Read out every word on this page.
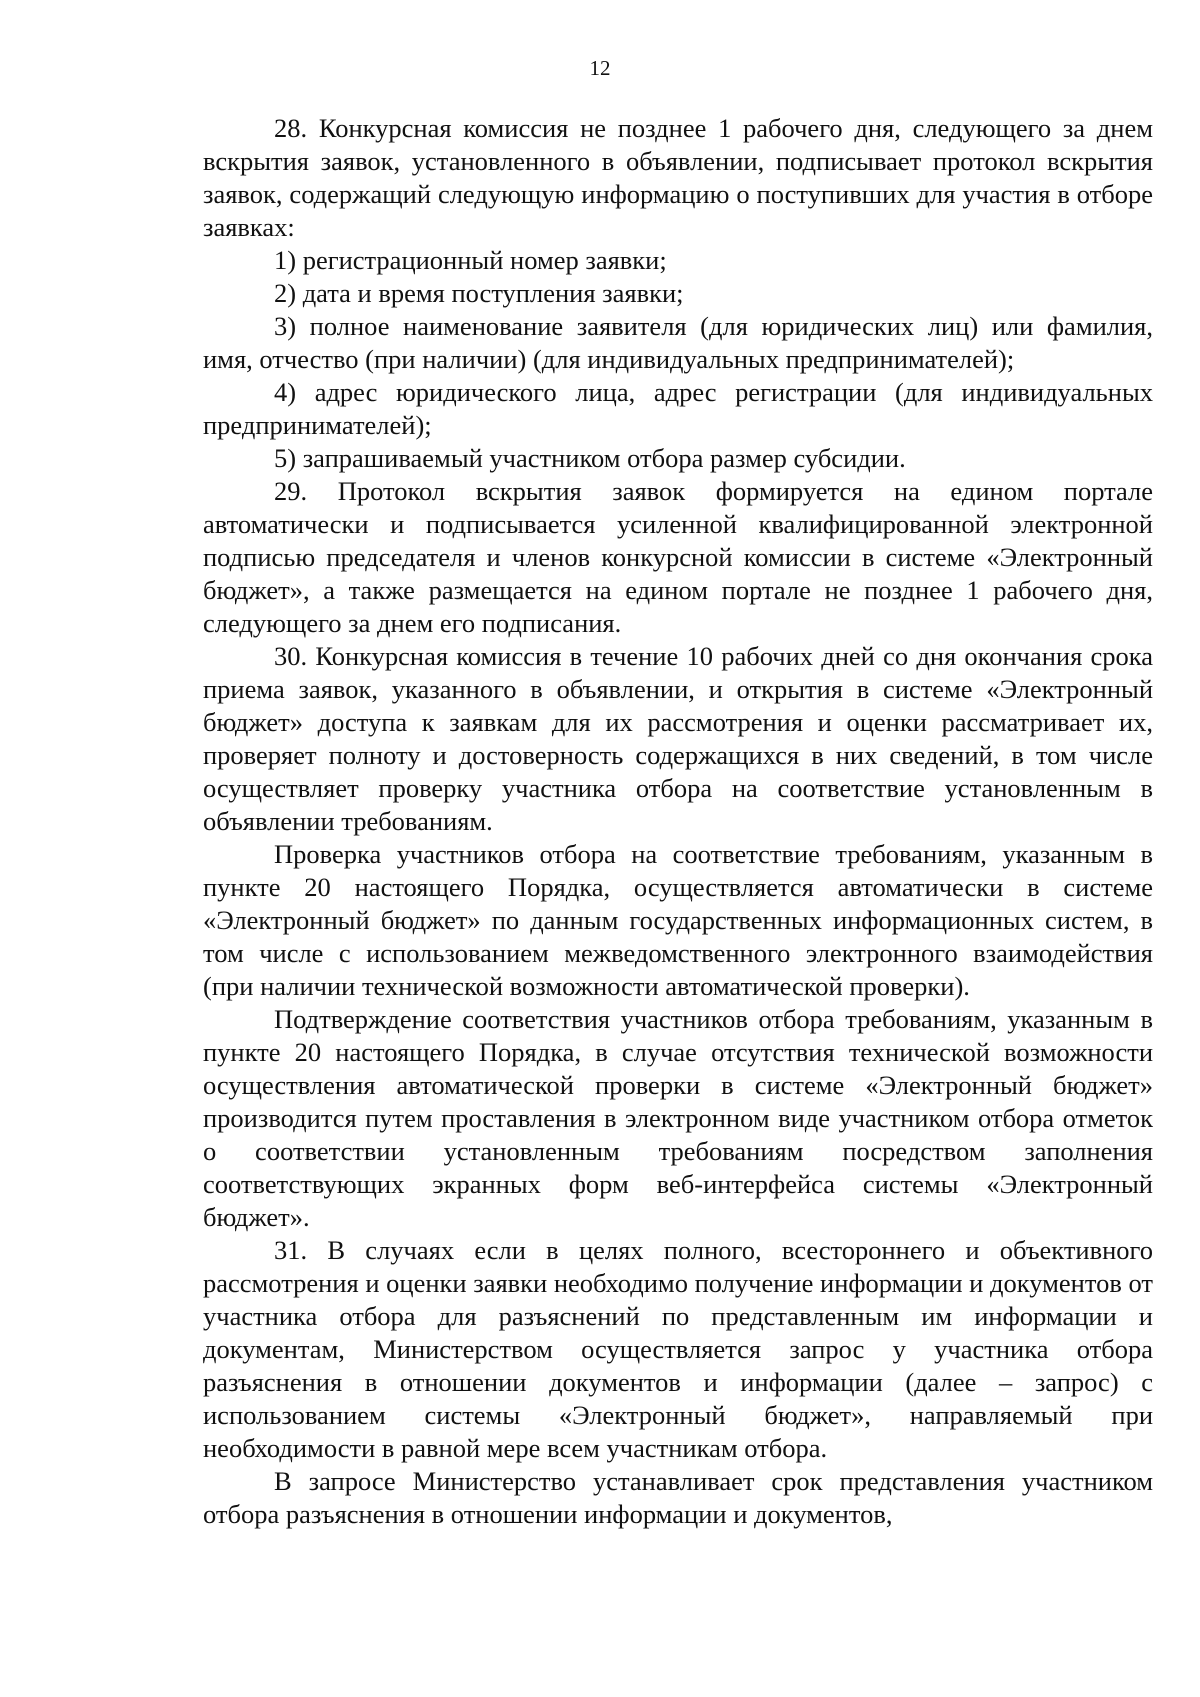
12

28. Конкурсная комиссия не позднее 1 рабочего дня, следующего за днем вскрытия заявок, установленного в объявлении, подписывает протокол вскрытия заявок, содержащий следующую информацию о поступивших для участия в отборе заявках:

1) регистрационный номер заявки;

2) дата и время поступления заявки;

3) полное наименование заявителя (для юридических лиц) или фамилия, имя, отчество (при наличии) (для индивидуальных предпринимателей);

4) адрес юридического лица, адрес регистрации (для индивидуальных предпринимателей);

5) запрашиваемый участником отбора размер субсидии.

29. Протокол вскрытия заявок формируется на едином портале автоматически и подписывается усиленной квалифицированной электронной подписью председателя и членов конкурсной комиссии в системе «Электронный бюджет», а также размещается на едином портале не позднее 1 рабочего дня, следующего за днем его подписания.

30. Конкурсная комиссия в течение 10 рабочих дней со дня окончания срока приема заявок, указанного в объявлении, и открытия в системе «Электронный бюджет» доступа к заявкам для их рассмотрения и оценки рассматривает их, проверяет полноту и достоверность содержащихся в них сведений, в том числе осуществляет проверку участника отбора на соответствие установленным в объявлении требованиям.

Проверка участников отбора на соответствие требованиям, указанным в пункте 20 настоящего Порядка, осуществляется автоматически в системе «Электронный бюджет» по данным государственных информационных систем, в том числе с использованием межведомственного электронного взаимодействия (при наличии технической возможности автоматической проверки).

Подтверждение соответствия участников отбора требованиям, указанным в пункте 20 настоящего Порядка, в случае отсутствия технической возможности осуществления автоматической проверки в системе «Электронный бюджет» производится путем проставления в электронном виде участником отбора отметок о соответствии установленным требованиям посредством заполнения соответствующих экранных форм веб-интерфейса системы «Электронный бюджет».

31. В случаях если в целях полного, всестороннего и объективного рассмотрения и оценки заявки необходимо получение информации и документов от участника отбора для разъяснений по представленным им информации и документам, Министерством осуществляется запрос у участника отбора разъяснения в отношении документов и информации (далее – запрос) с использованием системы «Электронный бюджет», направляемый при необходимости в равной мере всем участникам отбора.

В запросе Министерство устанавливает срок представления участником отбора разъяснения в отношении информации и документов,
